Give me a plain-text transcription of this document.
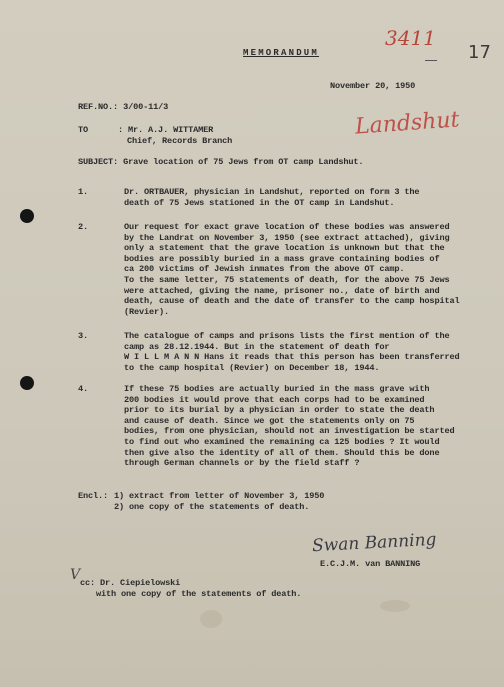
MEMORANDUM
3411
17
November 20, 1950
Landshut
REF.NO.: 3/00-11/3
TO	: Mr. A.J. WITTAMER
Chief, Records Branch
SUBJECT: Grave location of 75 Jews from OT camp Landshut.
1.	Dr. ORTBAUER, physician in Landshut, reported on form 3 the
death of 75 Jews stationed in the OT camp in Landshut.
2.	Our request for exact grave location of these bodies was answered
by the Landrat on November 3, 1950 (see extract attached), giving
only a statement that the grave location is unknown but that the
bodies are possibly buried in a mass grave containing bodies of
ca 200 victims of Jewish inmates from the above OT camp.
To the same letter, 75 statements of death, for the above 75 Jews
were attached, giving the name, prisoner no., date of birth and
death, cause of death and the date of transfer to the camp hospital
(Revier).
3.	The catalogue of camps and prisons lists the first mention of the
camp as 28.12.1944. But in the statement of death for
W I L L M A N N Hans it reads that this person has been transferred
to the camp hospital (Revier) on December 18, 1944.
4.	If these 75 bodies are actually buried in the mass grave with
200 bodies it would prove that each corps had to be examined
prior to its burial by a physician in order to state the death
and cause of death. Since we got the statements only on 75
bodies, from one physician, should not an investigation be started
to find out who examined the remaining ca 125 bodies ? It would
then give also the identity of all of them. Should this be done
through German channels or by the field staff ?
Encl.: 1) extract from letter of November 3, 1950
2) one copy of the statements of death.
Swan Banning
E.C.J.M. van BANNING
V cc: Dr. Ciepielowski
with one copy of the statements of death.
